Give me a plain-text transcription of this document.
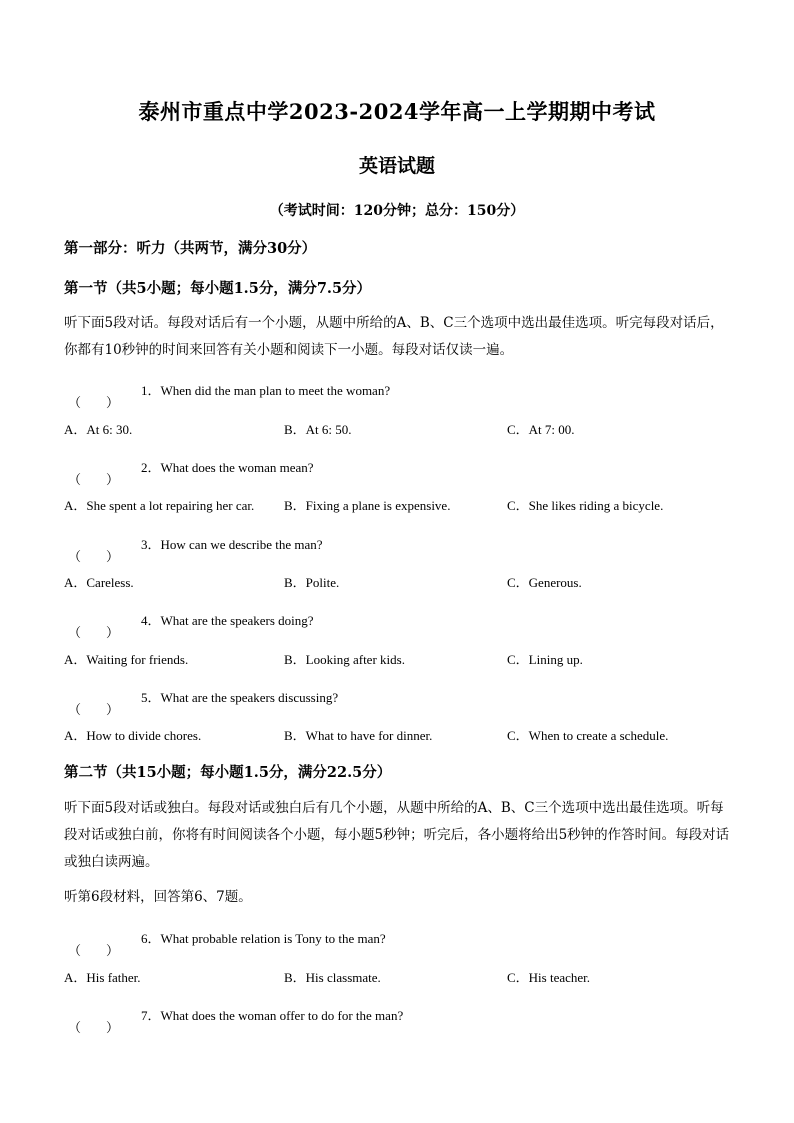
泰州市重点中学2023-2024学年高一上学期期中考试
英语试题
（考试时间：120分钟；总分：150分）
第一部分：听力（共两节，满分30分）
第一节（共5小题；每小题1.5分，满分7.5分）
听下面5段对话。每段对话后有一个小题，从题中所给的A、B、C三个选项中选出最佳选项。听完每段对话后，你都有10秒钟的时间来回答有关小题和阅读下一小题。每段对话仅读一遍。
（ ）
1．When did the man plan to meet the woman?
A．At 6: 30.	B．At 6: 50.	C．At 7: 00.
（ ）
2．What does the woman mean?
A．She spent a lot repairing her car. B．Fixing a plane is expensive.	C．She likes riding a bicycle.
（ ）
3．How can we describe the man?
A．Careless.	B．Polite.	C．Generous.
（ ）
4．What are the speakers doing?
A．Waiting for friends.	B．Looking after kids.	C．Lining up.
（ ）
5．What are the speakers discussing?
A．How to divide chores.	B．What to have for dinner.	C．When to create a schedule.
第二节（共15小题；每小题1.5分，满分22.5分）
听下面5段对话或独白。每段对话或独白后有几个小题，从题中所给的A、B、C三个选项中选出最佳选项。听每段对话或独白前，你将有时间阅读各个小题，每小题5秒钟；听完后，各小题将给出5秒钟的作答时间。每段对话或独白读两遍。
听第6段材料，回答第6、7题。
（ ）
6．What probable relation is Tony to the man?
A．His father.	B．His classmate.	C．His teacher.
（ ）
7．What does the woman offer to do for the man?
